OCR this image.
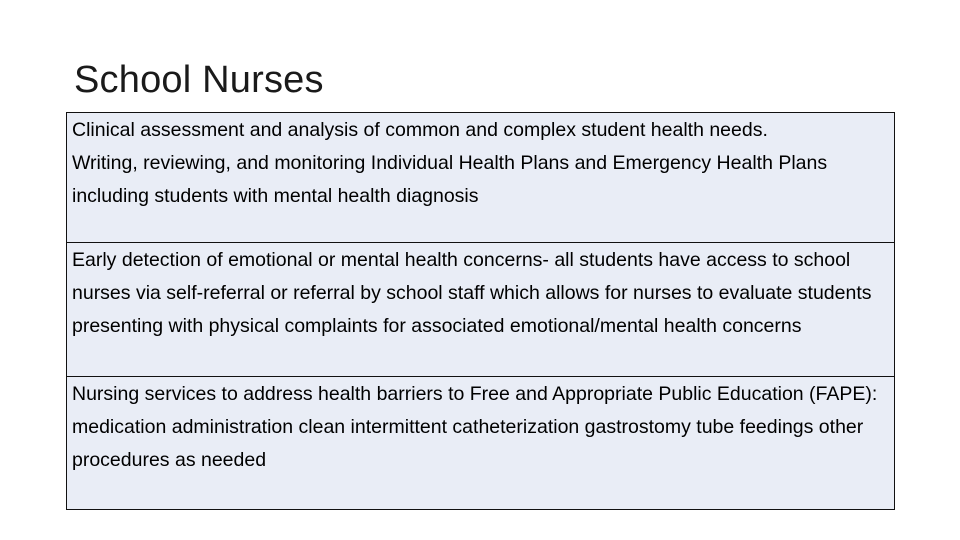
School Nurses

Clinical assessment and analysis of common and complex student health needs.

Writing, reviewing, and monitoring Individual Health Plans and Emergency Health Plans including students with mental health diagnosis

Early detection of emotional or mental health concerns- all students have access to school nurses via self-referral or referral by school staff which allows for nurses to evaluate students presenting with physical complaints for associated emotional/mental health concerns

Nursing services to address health barriers to Free and Appropriate Public Education (FAPE):

medication administration clean intermittent catheterization gastrostomy tube feedings other procedures as needed
